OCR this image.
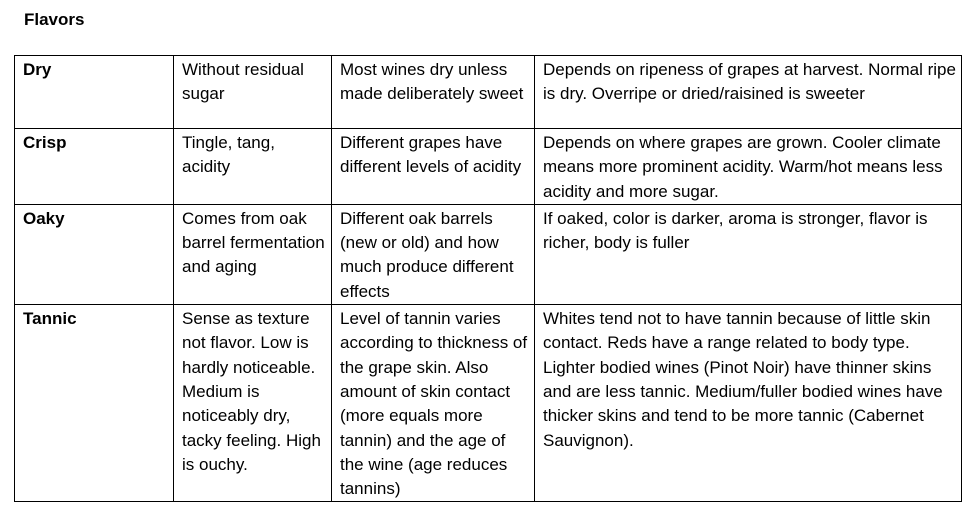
Flavors
Dry	Without residual sugar	Most wines dry unless made deliberately sweet	Depends on ripeness of grapes at harvest. Normal ripe is dry. Overripe or dried/raisined is sweeter
Crisp	Tingle, tang, acidity	Different grapes have different levels of acidity	Depends on where grapes are grown. Cooler climate means more prominent acidity. Warm/hot means less acidity and more sugar.
Oaky	Comes from oak barrel fermentation and aging	Different oak barrels (new or old) and how much produce different effects	If oaked, color is darker, aroma is stronger, flavor is richer, body is fuller
Tannic	Sense as texture not flavor. Low is hardly noticeable. Medium is noticeably dry, tacky feeling. High is ouchy.	Level of tannin varies according to thickness of the grape skin. Also amount of skin contact (more equals more tannin) and the age of the wine (age reduces tannins)	Whites tend not to have tannin because of little skin contact. Reds have a range related to body type. Lighter bodied wines (Pinot Noir) have thinner skins and are less tannic. Medium/fuller bodied wines have thicker skins and tend to be more tannic (Cabernet Sauvignon).
